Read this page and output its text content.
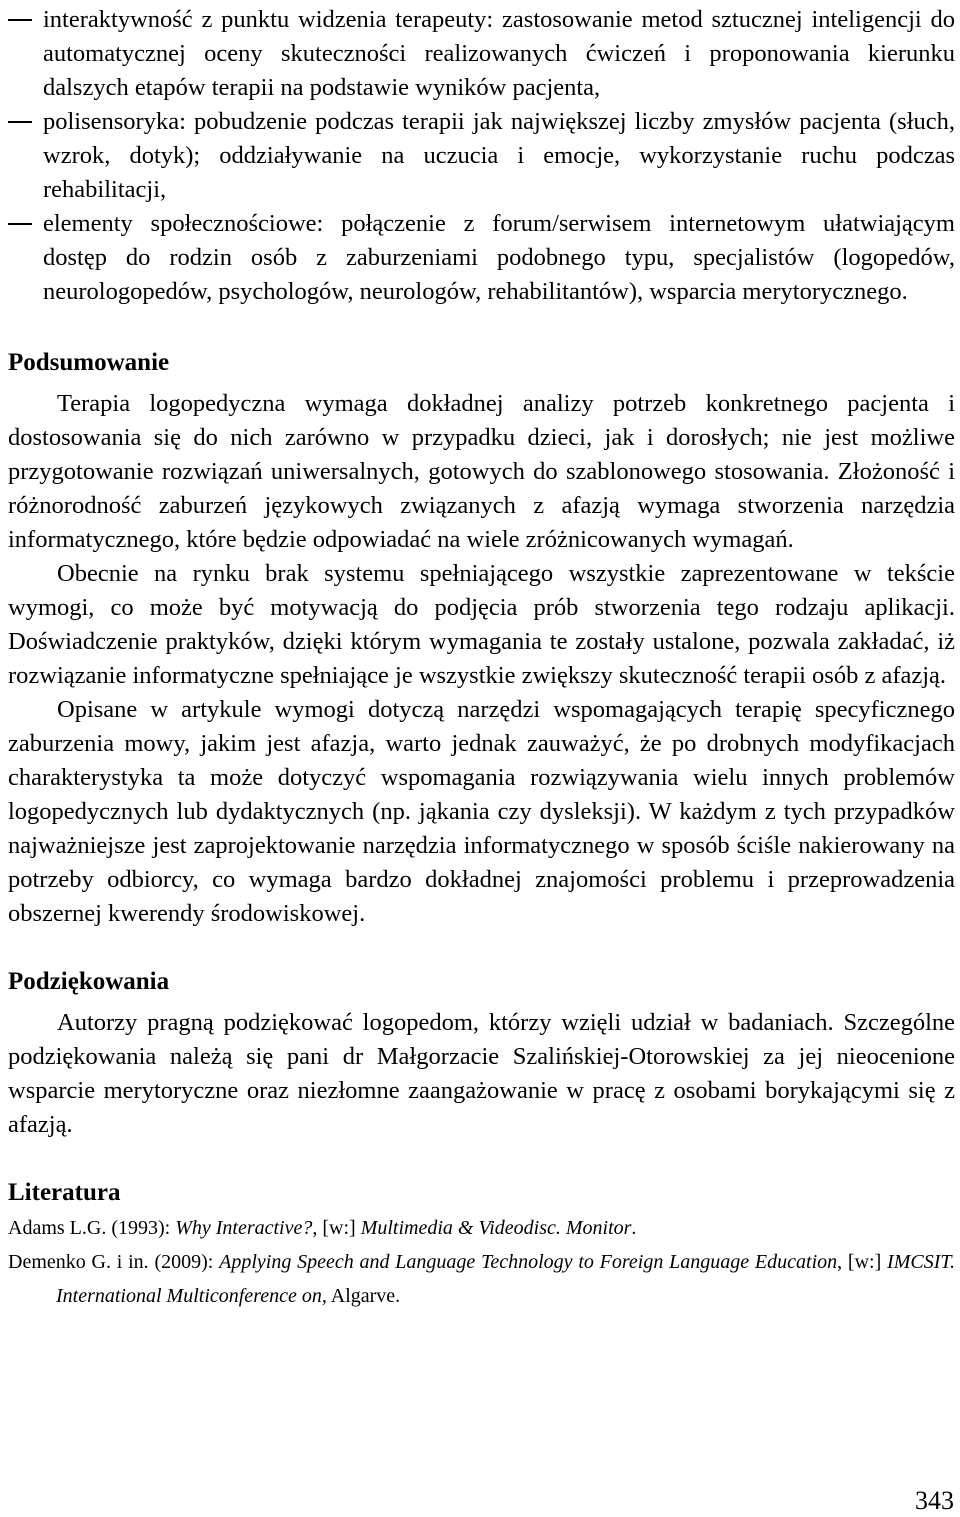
interaktywność z punktu widzenia terapeuty: zastosowanie metod sztucznej inteligencji do automatycznej oceny skuteczności realizowanych ćwiczeń i proponowania kierunku dalszych etapów terapii na podstawie wyników pacjenta,
polisensoryka: pobudzenie podczas terapii jak największej liczby zmysłów pacjenta (słuch, wzrok, dotyk); oddziaływanie na uczucia i emocje, wykorzystanie ruchu podczas rehabilitacji,
elementy społecznościowe: połączenie z forum/serwisem internetowym ułatwiającym dostęp do rodzin osób z zaburzeniami podobnego typu, specjalistów (logopedów, neurologopedów, psychologów, neurologów, rehabilitantów), wsparcia merytorycznego.
Podsumowanie

Terapia logopedyczna wymaga dokładnej analizy potrzeb konkretnego pacjenta i dostosowania się do nich zarówno w przypadku dzieci, jak i dorosłych; nie jest możliwe przygotowanie rozwiązań uniwersalnych, gotowych do szablonowego stosowania. Złożoność i różnorodność zaburzeń językowych związanych z afazją wymaga stworzenia narzędzia informatycznego, które będzie odpowiadać na wiele zróżnicowanych wymagań.

Obecnie na rynku brak systemu spełniającego wszystkie zaprezentowane w tekście wymogi, co może być motywacją do podjęcia prób stworzenia tego rodzaju aplikacji. Doświadczenie praktyków, dzięki którym wymagania te zostały ustalone, pozwala zakładać, iż rozwiązanie informatyczne spełniające je wszystkie zwiększy skuteczność terapii osób z afazją.

Opisane w artykule wymogi dotyczą narzędzi wspomagających terapię specyficznego zaburzenia mowy, jakim jest afazja, warto jednak zauważyć, że po drobnych modyfikacjach charakterystyka ta może dotyczyć wspomagania rozwiązywania wielu innych problemów logopedycznych lub dydaktycznych (np. jąkania czy dysleksji). W każdym z tych przypadków najważniejsze jest zaprojektowanie narzędzia informatycznego w sposób ściśle nakierowany na potrzeby odbiorcy, co wymaga bardzo dokładnej znajomości problemu i przeprowadzenia obszernej kwerendy środowiskowej.

Podziękowania

Autorzy pragną podziękować logopedom, którzy wzięli udział w badaniach. Szczególne podziękowania należą się pani dr Małgorzacie Szalińskiej-Otorowskiej za jej nieocenione wsparcie merytoryczne oraz niezłomne zaangażowanie w pracę z osobami borykającymi się z afazją.

Literatura

Adams L.G. (1993): Why Interactive?, [w:] Multimedia & Videodisc. Monitor.

Demenko G. i in. (2009): Applying Speech and Language Technology to Foreign Language Education, [w:] IMCSIT. International Multiconference on, Algarve.

343
